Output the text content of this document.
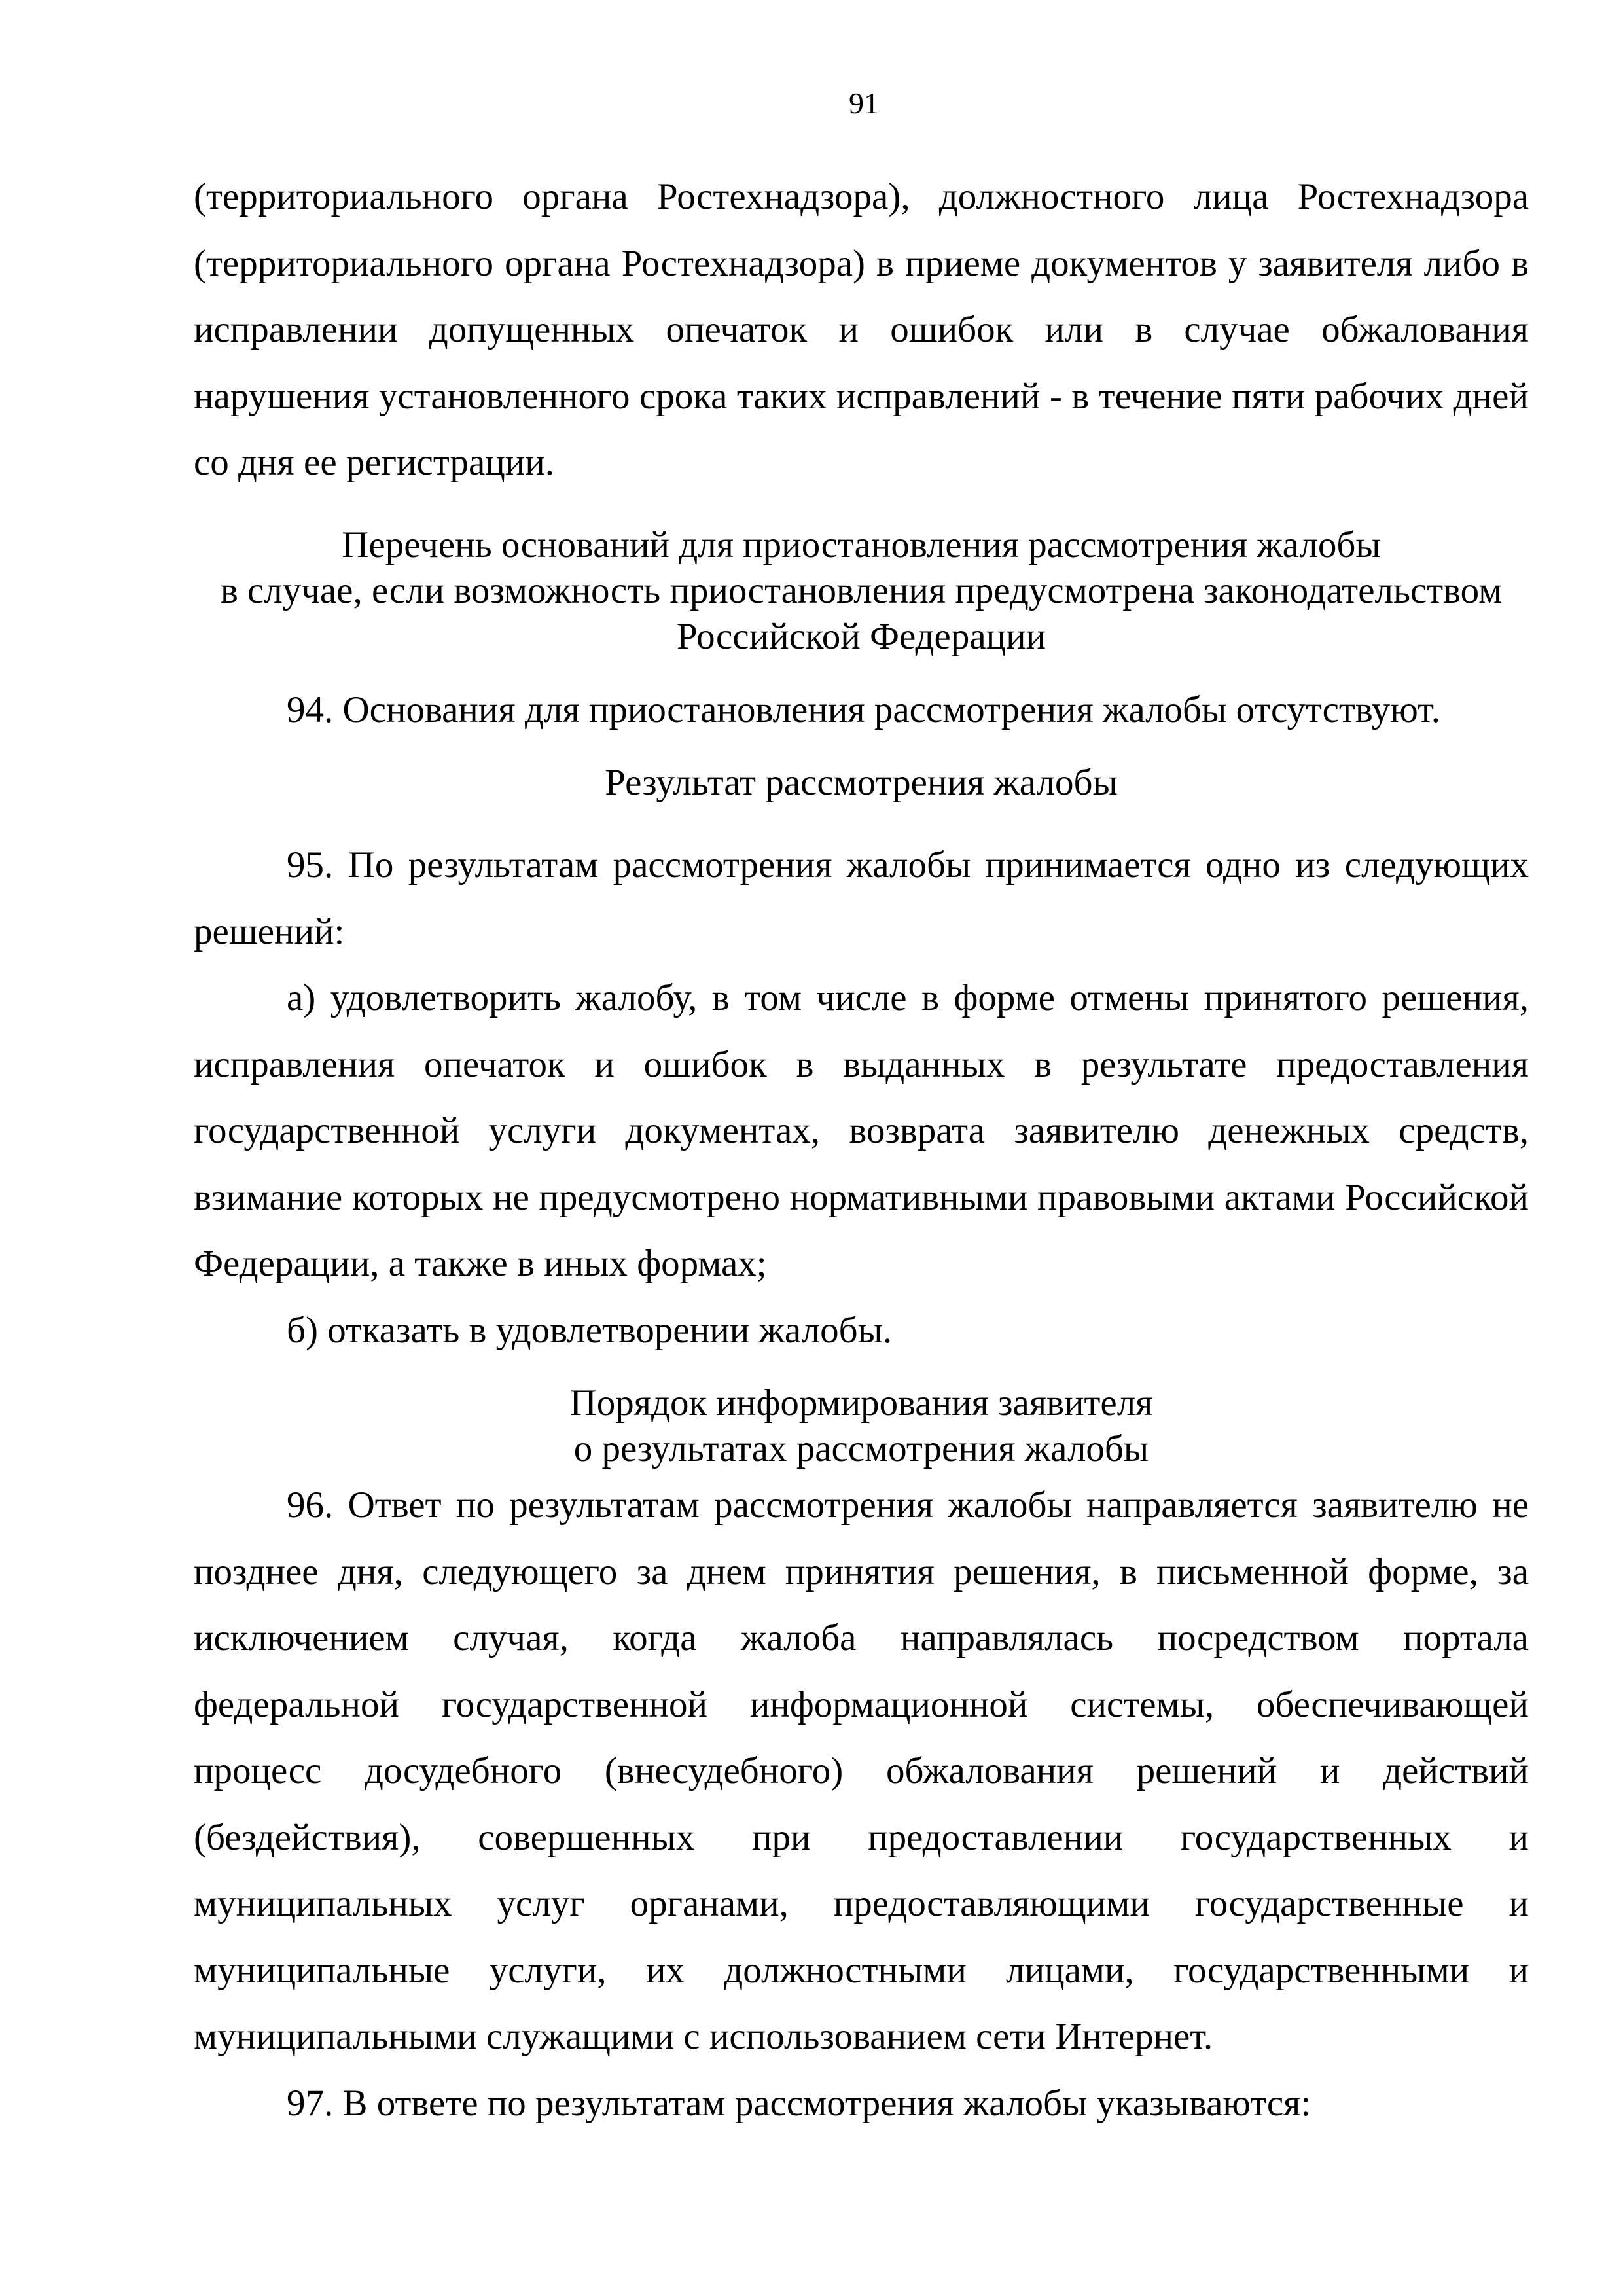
91

(территориального органа Ростехнадзора), должностного лица Ростехнадзора (территориального органа Ростехнадзора) в приеме документов у заявителя либо в исправлении допущенных опечаток и ошибок или в случае обжалования нарушения установленного срока таких исправлений - в течение пяти рабочих дней со дня ее регистрации.

Перечень оснований для приостановления рассмотрения жалобы

в случае, если возможность приостановления предусмотрена законодательством

Российской Федерации

94. Основания для приостановления рассмотрения жалобы отсутствуют.

Результат рассмотрения жалобы

95. По результатам рассмотрения жалобы принимается одно из следующих решений:

а) удовлетворить жалобу, в том числе в форме отмены принятого решения, исправления опечаток и ошибок в выданных в результате предоставления государственной услуги документах, возврата заявителю денежных средств, взимание которых не предусмотрено нормативными правовыми актами Российской Федерации, а также в иных формах;

б) отказать в удовлетворении жалобы.

Порядок информирования заявителя

о результатах рассмотрения жалобы

96. Ответ по результатам рассмотрения жалобы направляется заявителю не позднее дня, следующего за днем принятия решения, в письменной форме, за исключением случая, когда жалоба направлялась посредством портала федеральной государственной информационной системы, обеспечивающей процесс досудебного (внесудебного) обжалования решений и действий (бездействия), совершенных при предоставлении государственных и муниципальных услуг органами, предоставляющими государственные и муниципальные услуги, их должностными лицами, государственными и муниципальными служащими с использованием сети Интернет.

97. В ответе по результатам рассмотрения жалобы указываются:
